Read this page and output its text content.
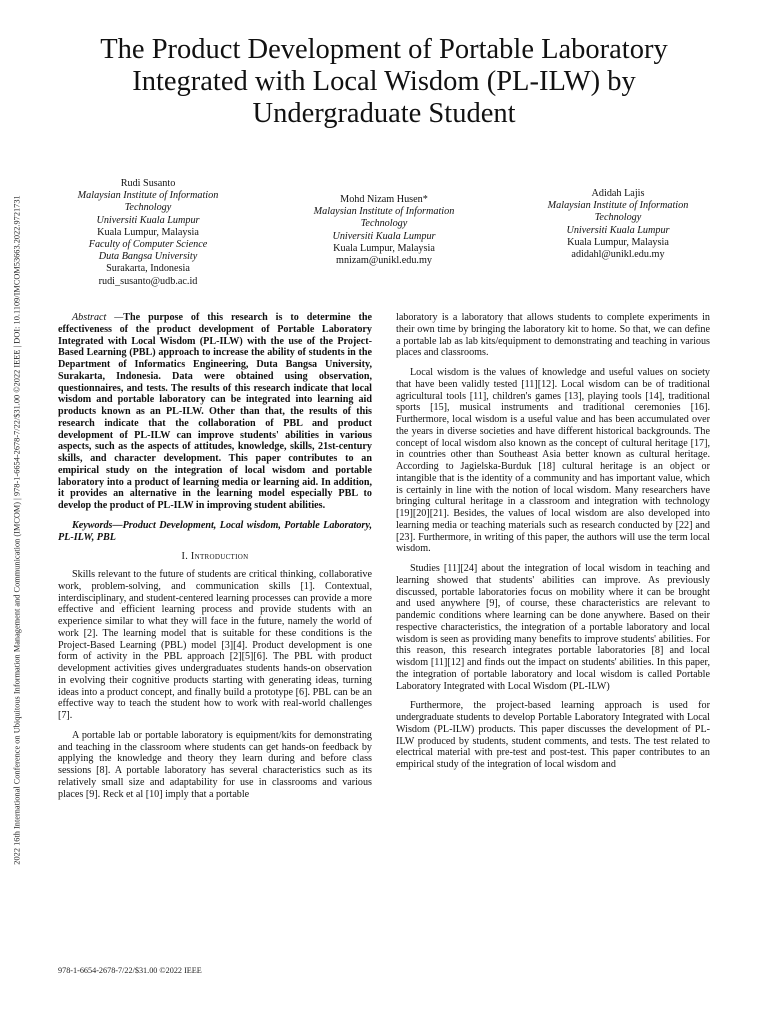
2022 16th International Conference on Ubiquitous Information Management and Communication (IMCOM) | 978-1-6654-2678-7/22/$31.00 ©2022 IEEE | DOI: 10.1109/IMCOM53663.2022.9721731
The Product Development of Portable Laboratory Integrated with Local Wisdom (PL-ILW) by Undergraduate Student
Rudi Susanto
Malaysian Institute of Information
Technology
Universiti Kuala Lumpur
Kuala Lumpur, Malaysia
Faculty of Computer Science
Duta Bangsa University
Surakarta, Indonesia
rudi_susanto@udb.ac.id
Mohd Nizam Husen*
Malaysian Institute of Information
Technology
Universiti Kuala Lumpur
Kuala Lumpur, Malaysia
mnizam@unikl.edu.my
Adidah Lajis
Malaysian Institute of Information
Technology
Universiti Kuala Lumpur
Kuala Lumpur, Malaysia
adidahl@unikl.edu.my

Abstract —The purpose of this research is to determine the effectiveness of the product development of Portable Laboratory Integrated with Local Wisdom (PL-ILW) with the use of the Project-Based Learning (PBL) approach to increase the ability of students in the Department of Informatics Engineering, Duta Bangsa University, Surakarta, Indonesia. Data were obtained using observation, questionnaires, and tests. The results of this research indicate that local wisdom and portable laboratory can be integrated into learning aid products known as an PL-ILW. Other than that, the results of this research indicate that the collaboration of PBL and product development of PL-ILW can improve students' abilities in various aspects, such as the aspects of attitudes, knowledge, skills, 21st-century skills, and character development. This paper contributes to an empirical study on the integration of local wisdom and portable laboratory into a product of learning media or learning aid. In addition, it provides an alternative in the learning model especially PBL to develop the product of PL-ILW in improving student abilities.

Keywords—Product Development, Local wisdom, Portable Laboratory, PL-ILW, PBL

I. Introduction

Skills relevant to the future of students are critical thinking, collaborative work, problem-solving, and communication skills [1]. Contextual, interdisciplinary, and student-centered learning processes can provide a more effective and efficient learning process and provide students with an experience similar to what they will face in the future, namely the world of work [2]. The learning model that is suitable for these conditions is the Project-Based Learning (PBL) model [3][4]. Product development is one form of activity in the PBL approach [2][5][6]. The PBL with product development activities gives undergraduates students hands-on observation in evolving their cognitive products starting with generating ideas, turning ideas into a product concept, and finally build a prototype [6]. PBL can be an effective way to teach the student how to work with real-world challenges [7].

A portable lab or portable laboratory is equipment/kits for demonstrating and teaching in the classroom where students can get hands-on feedback by applying the knowledge and theory they learn during and before class sessions [8]. A portable laboratory has several characteristics such as its relatively small size and adaptability for use in classrooms and various places [9]. Reck et al [10] imply that a portable

laboratory is a laboratory that allows students to complete experiments in their own time by bringing the laboratory kit to home. So that, we can define a portable lab as lab kits/equipment to demonstrating and teaching in various places and classrooms.

Local wisdom is the values of knowledge and useful values on society that have been validly tested [11][12]. Local wisdom can be of traditional agricultural tools [11], children's games [13], playing tools [14], traditional sports [15], musical instruments and traditional ceremonies [16]. Furthermore, local wisdom is a useful value and has been accumulated over the years in diverse societies and have different historical backgrounds. The concept of local wisdom also known as the concept of cultural heritage [17], in countries other than Southeast Asia better known as cultural heritage. According to Jagielska-Burduk [18] cultural heritage is an object or intangible that is the identity of a community and has important value, which is certainly in line with the notion of local wisdom. Many researchers have bringing cultural heritage in a classroom and integration with technology [19][20][21]. Besides, the values of local wisdom are also developed into learning media or teaching materials such as research conducted by [22] and [23]. Furthermore, in writing of this paper, the authors will use the term local wisdom.

Studies [11][24] about the integration of local wisdom in teaching and learning showed that students' abilities can improve. As previously discussed, portable laboratories focus on mobility where it can be brought and used anywhere [9], of course, these characteristics are relevant to pandemic conditions where learning can be done anywhere. Based on their respective characteristics, the integration of a portable laboratory and local wisdom is seen as providing many benefits to improve students' abilities. For this reason, this research integrates portable laboratories [8] and local wisdom [11][12] and finds out the impact on students' abilities. In this paper, the integration of portable laboratory and local wisdom is called Portable Laboratory Integrated with Local Wisdom (PL-ILW)

Furthermore, the project-based learning approach is used for undergraduate students to develop Portable Laboratory Integrated with Local Wisdom (PL-ILW) products. This paper discusses the development of PL-ILW produced by students, student comments, and tests. The test related to electrical material with pre-test and post-test. This paper contributes to an empirical study of the integration of local wisdom and

978-1-6654-2678-7/22/$31.00 ©2022 IEEE
